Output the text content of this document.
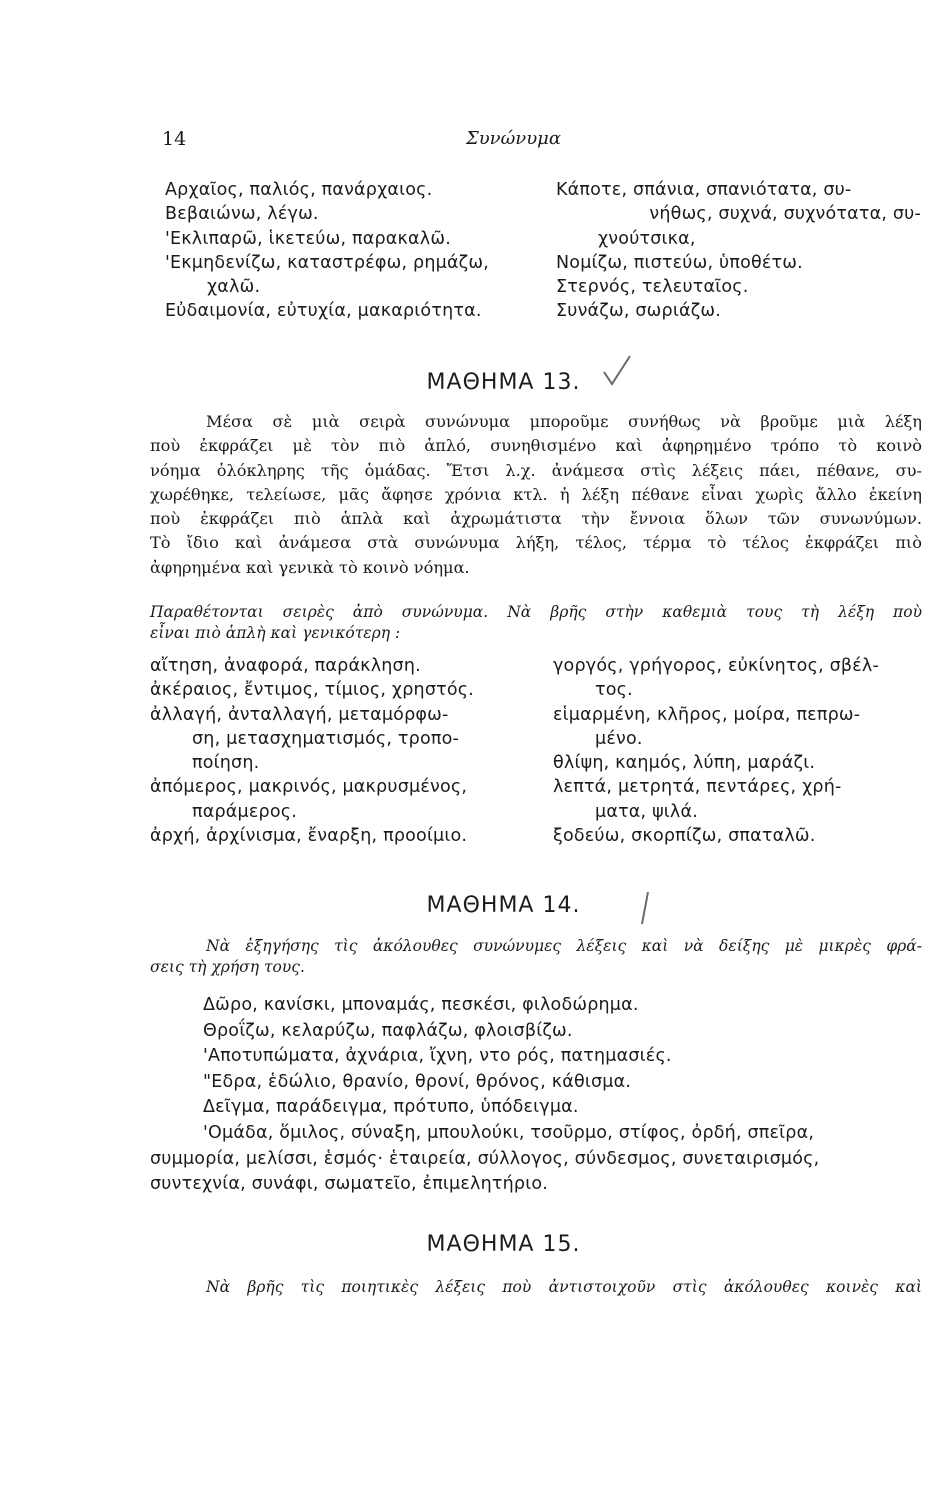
14	Συνώνυμα
Αρχαῖος, παλιός, πανάρχαιος.
Βεβαιώνω, λέγω.
'Εκλιπαρῶ, ἱκετεύω, παρακαλῶ.
'Εκμηδενίζω, καταστρέφω, ρημάζω,
χαλῶ.
Εὐδαιμονία, εὐτυχία, μακαριότητα.
Κάποτε, σπάνια, σπανιότατα, συ-
νήθως, συχνά, συχνότατα, συ-
χνούτσικα,
Νομίζω, πιστεύω, ὑποθέτω.
Στερνός, τελευταῖος.
Συνάζω, σωριάζω.
ΜΑΘΗΜΑ 13.

Μέσα σὲ μιὰ σειρὰ συνώνυμα μποροῦμε συνήθως νὰ βροῦμε μιὰ λέξη

ποὺ ἐκφράζει μὲ τὸν πιὸ ἁπλό, συνηθισμένο καὶ ἀφηρημένο τρόπο τὸ κοινὸ

νόημα ὁλόκληρης τῆς ὁμάδας. Ἔτσι λ.χ. ἀνάμεσα στὶς λέξεις πάει, πέθανε, συ-

χωρέθηκε, τελείωσε, μᾶς ἄφησε χρόνια κτλ. ἡ λέξη πέθανε εἶναι χωρὶς ἄλλο ἐκείνη

ποὺ ἐκφράζει πιὸ ἁπλὰ καὶ ἀχρωμάτιστα τὴν ἔννοια ὅλων τῶν συνωνύμων.

Τὸ ἴδιο καὶ ἀνάμεσα στὰ συνώνυμα λήξη, τέλος, τέρμα τὸ τέλος ἐκφράζει πιὸ

ἀφηρημένα καὶ γενικὰ τὸ κοινὸ νόημα.

Παραθέτονται σειρὲς ἀπὸ συνώνυμα. Νὰ βρῆς στὴν καθεμιὰ τους τὴ λέξη ποὺ

εἶναι πιὸ ἁπλὴ καὶ γενικότερη :

αἴτηση, ἀναφορά, παράκληση.
ἀκέραιος, ἔντιμος, τίμιος, χρηστός.
ἀλλαγή, ἀνταλλαγή, μεταμόρφω-
ση, μετασχηματισμός, τροπο-
ποίηση.
ἀπόμερος, μακρινός, μακρυσμένος,
παράμερος.
ἀρχή, ἀρχίνισμα, ἔναρξη, προοίμιο.
γοργός, γρήγορος, εὐκίνητος, σβέλ-
τος.
εἱμαρμένη, κλῆρος, μοίρα, πεπρω-
μένο.
θλίψη, καημός, λύπη, μαράζι.
λεπτά, μετρητά, πεντάρες, χρή-
ματα, ψιλά.
ξοδεύω, σκορπίζω, σπαταλῶ.
ΜΑΘΗΜΑ 14.

Νὰ ἐξηγήσης τὶς ἀκόλουθες συνώνυμες λέξεις καὶ νὰ δείξης μὲ μικρὲς φρά-

σεις τὴ χρήση τους.

Δῶρο, κανίσκι, μποναμάς, πεσκέσι, φιλοδώρημα.
Θροΐζω, κελαρύζω, παφλάζω, φλοισβίζω.
'Αποτυπώματα, ἀχνάρια, ἴχνη, ντο ρός, πατημασιές.
"Εδρα, ἑδώλιο, θρανίο, θρονί, θρόνος, κάθισμα.
Δεῖγμα, παράδειγμα, πρότυπο, ὑπόδειγμα.
'Ομάδα, ὅμιλος, σύναξη, μπουλούκι, τσοῦρμο, στίφος, ὀρδή, σπεῖρα,
συμμορία, μελίσσι, ἑσμός· ἑταιρεία, σύλλογος, σύνδεσμος, συνεταιρισμός,
συντεχνία, συνάφι, σωματεῖο, ἐπιμελητήριο.
ΜΑΘΗΜΑ 15.

Νὰ βρῆς τὶς ποιητικὲς λέξεις ποὺ ἀντιστοιχοῦν στὶς ἀκόλουθες κοινὲς καὶ
